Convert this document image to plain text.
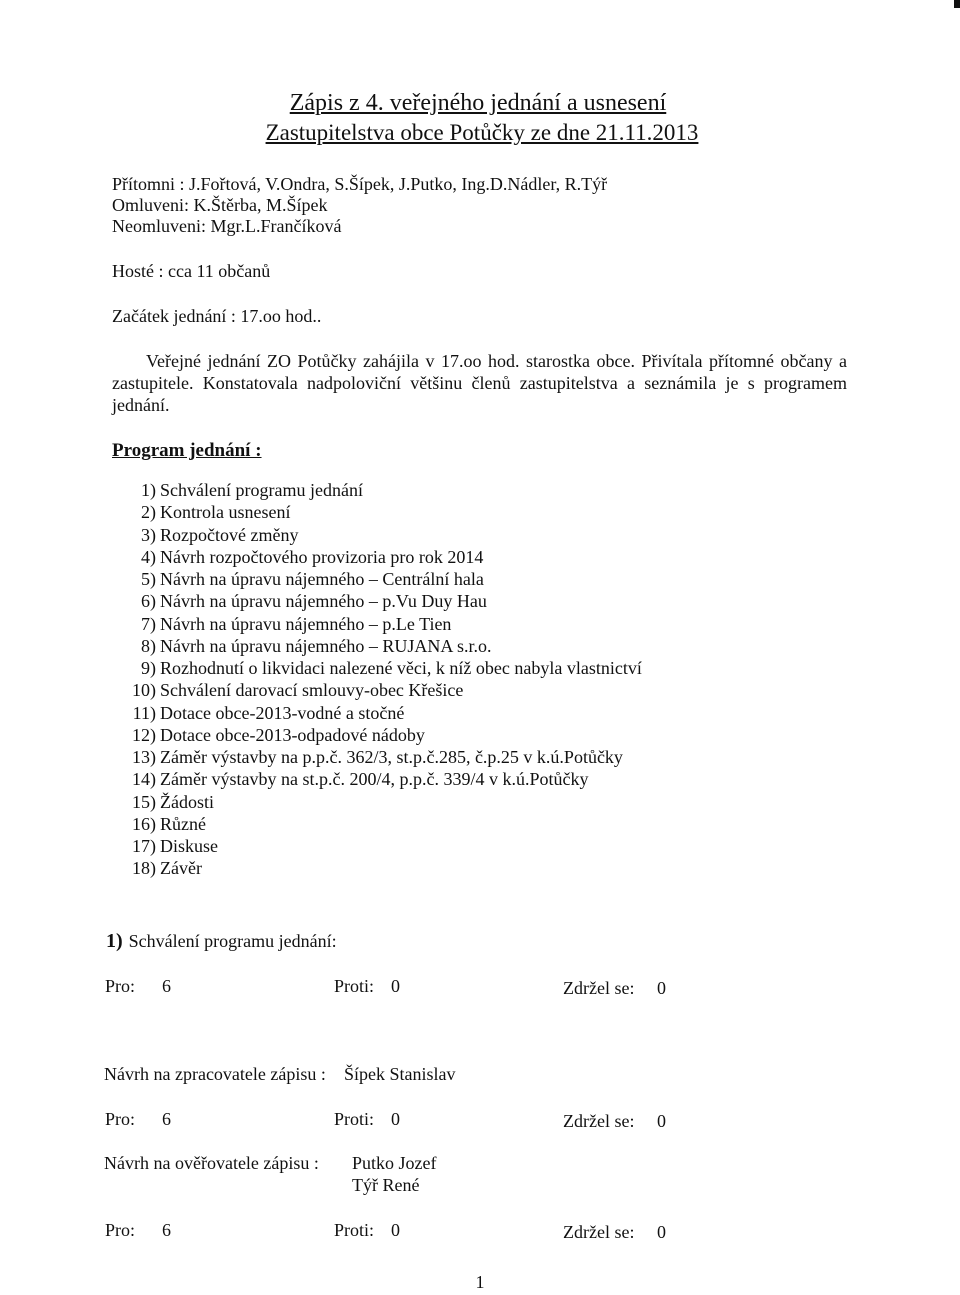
Zápis z 4. veřejného jednání a usnesení
Zastupitelstva obce Potůčky ze dne 21.11.2013
Přítomni : J.Fořtová, V.Ondra, S.Šípek, J.Putko, Ing.D.Nádler, R.Týř
Omluveni: K.Štěrba, M.Šípek
Neomluveni: Mgr.L.Frančíková
Hosté : cca 11 občanů
Začátek jednání : 17.oo hod..
Veřejné jednání ZO Potůčky zahájila v 17.oo hod. starostka obce. Přivítala přítomné občany a zastupitele. Konstatovala nadpoloviční většinu členů zastupitelstva a seznámila je s programem jednání.
Program jednání :
1) Schválení programu jednání
2) Kontrola usnesení
3) Rozpočtové změny
4) Návrh rozpočtového provizoria pro rok 2014
5) Návrh na úpravu nájemného – Centrální hala
6) Návrh na úpravu nájemného – p.Vu Duy Hau
7) Návrh na úpravu nájemného – p.Le Tien
8) Návrh na úpravu nájemného – RUJANA s.r.o.
9) Rozhodnutí o likvidaci nalezené věci, k níž obec nabyla vlastnictví
10) Schválení darovací smlouvy-obec Křešice
11) Dotace obce-2013-vodné a stočné
12) Dotace obce-2013-odpadové nádoby
13) Záměr výstavby na p.p.č. 362/3, st.p.č.285, č.p.25 v k.ú.Potůčky
14) Záměr výstavby na st.p.č. 200/4, p.p.č. 339/4 v k.ú.Potůčky
15) Žádosti
16) Různé
17) Diskuse
18) Závěr
1) Schválení programu jednání:
Pro: 6	Proti: 0	Zdržel se: 0
Návrh na zpracovatele zápisu : Šípek Stanislav
Pro: 6	Proti: 0	Zdržel se: 0
Návrh na ověřovatele zápisu : Putko Jozef
Týř René
Pro: 6	Proti: 0	Zdržel se: 0
1
